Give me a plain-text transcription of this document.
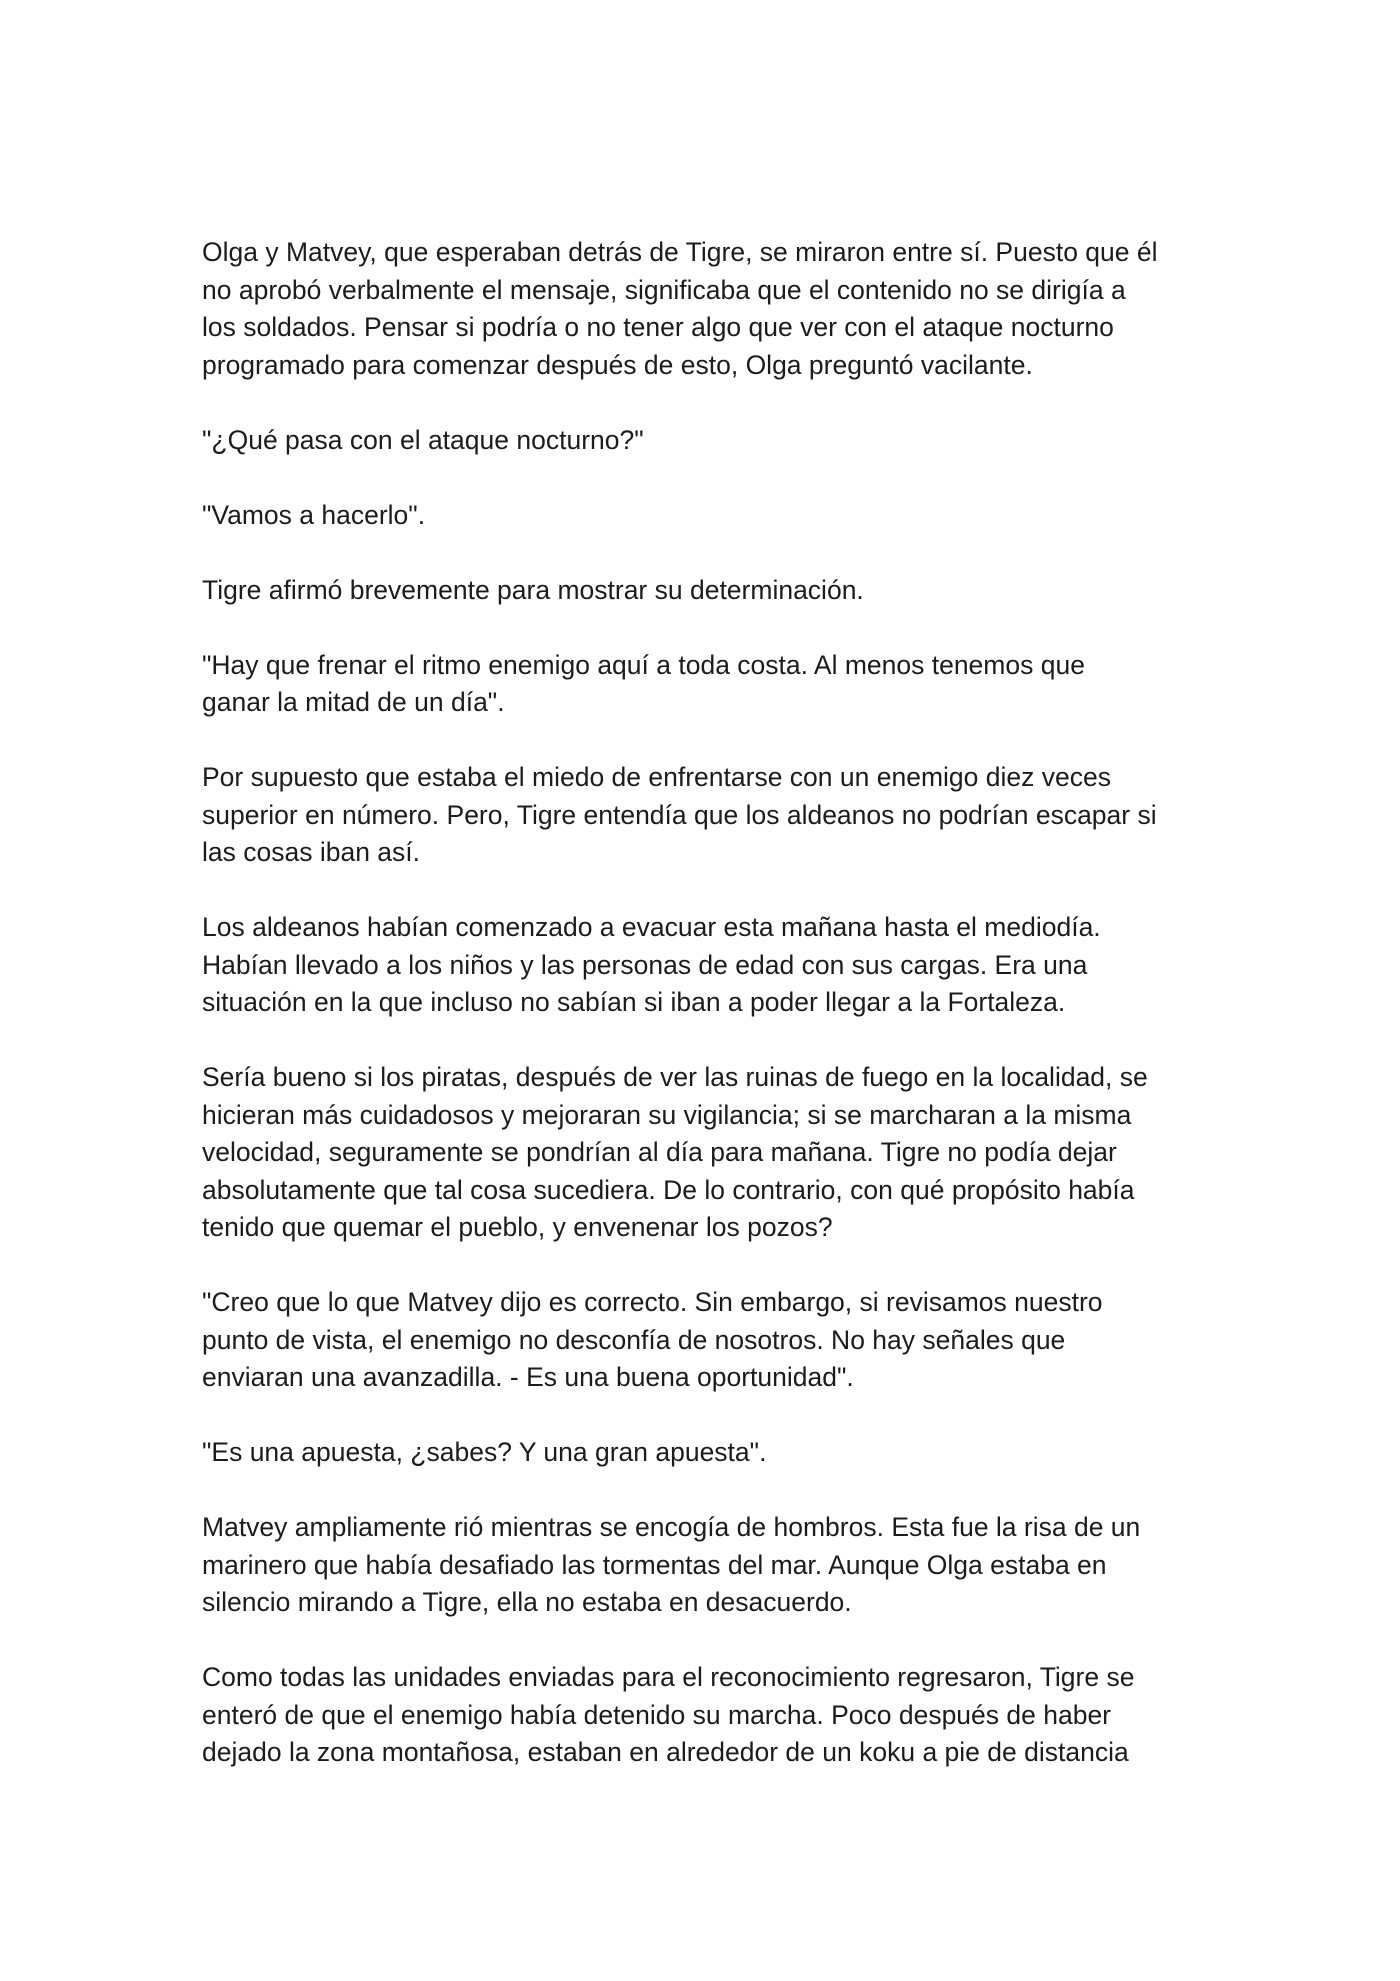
Olga y Matvey, que esperaban detrás de Tigre, se miraron entre sí. Puesto que él
no aprobó verbalmente el mensaje, significaba que el contenido no se dirigía a
los soldados. Pensar si podría o no tener algo que ver con el ataque nocturno
programado para comenzar después de esto, Olga preguntó vacilante.

"¿Qué pasa con el ataque nocturno?"

"Vamos a hacerlo".

Tigre afirmó brevemente para mostrar su determinación.

"Hay que frenar el ritmo enemigo aquí a toda costa. Al menos tenemos que
ganar la mitad de un día".

Por supuesto que estaba el miedo de enfrentarse con un enemigo diez veces
superior en número. Pero, Tigre entendía que los aldeanos no podrían escapar si
las cosas iban así.

Los aldeanos habían comenzado a evacuar esta mañana hasta el mediodía.
Habían llevado a los niños y las personas de edad con sus cargas. Era una
situación en la que incluso no sabían si iban a poder llegar a la Fortaleza.

Sería bueno si los piratas, después de ver las ruinas de fuego en la localidad, se
hicieran más cuidadosos y mejoraran su vigilancia; si se marcharan a la misma
velocidad, seguramente se pondrían al día para mañana. Tigre no podía dejar
absolutamente que tal cosa sucediera. De lo contrario, con qué propósito había
tenido que quemar el pueblo, y envenenar los pozos?

"Creo que lo que Matvey dijo es correcto. Sin embargo, si revisamos nuestro
punto de vista, el enemigo no desconfía de nosotros. No hay señales que
enviaran una avanzadilla. - Es una buena oportunidad".

"Es una apuesta, ¿sabes? Y una gran apuesta".

Matvey ampliamente rió mientras se encogía de hombros. Esta fue la risa de un
marinero que había desafiado las tormentas del mar. Aunque Olga estaba en
silencio mirando a Tigre, ella no estaba en desacuerdo.

Como todas las unidades enviadas para el reconocimiento regresaron, Tigre se
enteró de que el enemigo había detenido su marcha. Poco después de haber
dejado la zona montañosa, estaban en alrededor de un koku a pie de distancia
